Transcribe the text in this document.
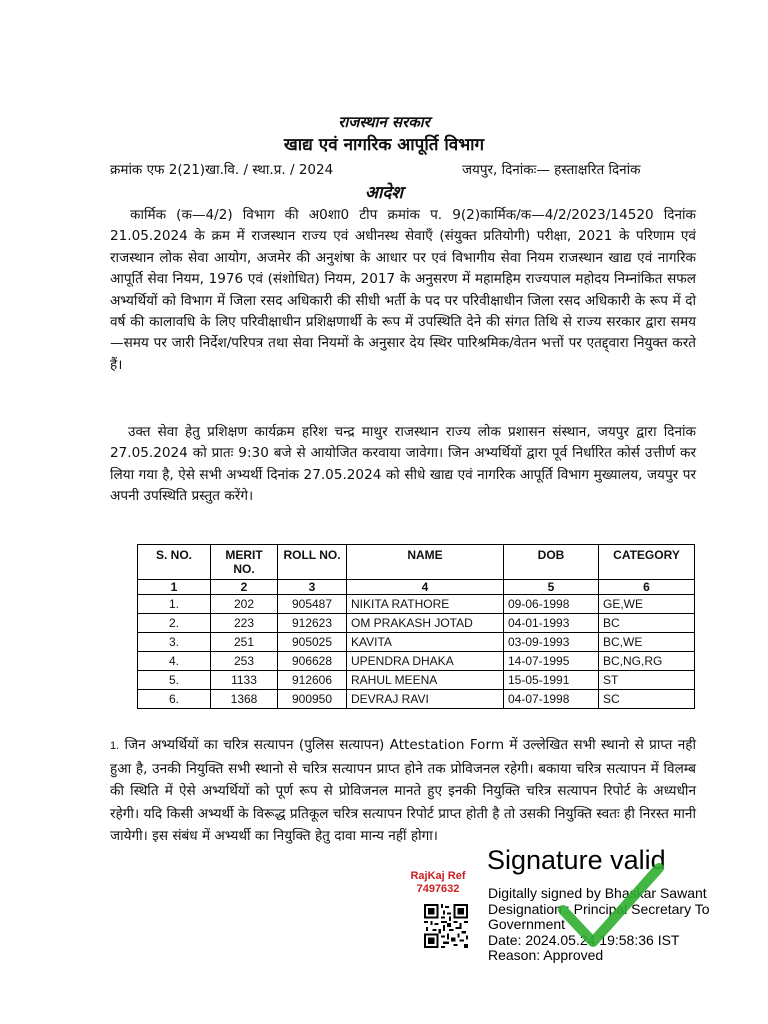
राजस्थान सरकार
खाद्य एवं नागरिक आपूर्ति विभाग
क्रमांक एफ 2(21)खा.वि. / स्था.प्र. / 2024	जयपुर, दिनांकः— हस्ताक्षरित दिनांक
आदेश
कार्मिक (क—4/2) विभाग की अ0शा0 टीप क्रमांक प. 9(2)कार्मिक/क—4/2/2023/14520 दिनांक 21.05.2024 के क्रम में राजस्थान राज्य एवं अधीनस्थ सेवाएँ (संयुक्त प्रतियोगी) परीक्षा, 2021 के परिणाम एवं राजस्थान लोक सेवा आयोग, अजमेर की अनुशंषा के आधार पर एवं विभागीय सेवा नियम राजस्थान खाद्य एवं नागरिक आपूर्ति सेवा नियम, 1976 एवं (संशोधित) नियम, 2017 के अनुसरण में महामहिम राज्यपाल महोदय निम्नांकित सफल अभ्यर्थियों को विभाग में जिला रसद अधिकारी की सीधी भर्ती के पद पर परिवीक्षाधीन जिला रसद अधिकारी के रूप में दो वर्ष की कालावधि के लिए परिवीक्षाधीन प्रशिक्षणार्थी के रूप में उपस्थिति देने की संगत तिथि से राज्य सरकार द्वारा समय—समय पर जारी निर्देश/परिपत्र तथा सेवा नियमों के अनुसार देय स्थिर पारिश्रमिक/वेतन भत्तों पर एतद्द्वारा नियुक्त करते हैं।
उक्त सेवा हेतु प्रशिक्षण कार्यक्रम हरिश चन्द्र माथुर राजस्थान राज्य लोक प्रशासन संस्थान, जयपुर द्वारा दिनांक 27.05.2024 को प्रातः 9:30 बजे से आयोजित करवाया जावेगा। जिन अभ्यर्थियों द्वारा पूर्व निर्धारित कोर्स उत्तीर्ण कर लिया गया है, ऐसे सभी अभ्यर्थी दिनांक 27.05.2024 को सीधे खाद्य एवं नागरिक आपूर्ति विभाग मुख्यालय, जयपुर पर अपनी उपस्थिति प्रस्तुत करेंगे।
S. NO.	MERIT NO.	ROLL NO.	NAME	DOB	CATEGORY
1	2	3	4	5	6
1.	202	905487	NIKITA RATHORE	09-06-1998	GE,WE
2.	223	912623	OM PRAKASH JOTAD	04-01-1993	BC
3.	251	905025	KAVITA	03-09-1993	BC,WE
4.	253	906628	UPENDRA DHAKA	14-07-1995	BC,NG,RG
5.	1133	912606	RAHUL MEENA	15-05-1991	ST
6.	1368	900950	DEVRAJ RAVI	04-07-1998	SC
1. जिन अभ्यर्थियों का चरित्र सत्यापन (पुलिस सत्यापन) Attestation Form में उल्लेखित सभी स्थानो से प्राप्त नही हुआ है, उनकी नियुक्ति सभी स्थानो से चरित्र सत्यापन प्राप्त होने तक प्रोविजनल रहेगी। बकाया चरित्र सत्यापन में विलम्ब की स्थिति में ऐसे अभ्यर्थियों को पूर्ण रूप से प्रोविजनल मानते हुए इनकी नियुक्ति चरित्र सत्यापन रिपोर्ट के अध्यधीन रहेगी। यदि किसी अभ्यर्थी के विरूद्ध प्रतिकूल चरित्र सत्यापन रिपोर्ट प्राप्त होती है तो उसकी नियुक्ति स्वतः ही निरस्त मानी जायेगी। इस संबंध में अभ्यर्थी का नियुक्ति हेतु दावा मान्य नहीं होगा।
RajKaj Ref
7497632
Signature valid
Digitally signed by Bhaskar Sawant
Designation : Principal Secretary To
Government
Date: 2024.05.24 19:58:36 IST
Reason: Approved
